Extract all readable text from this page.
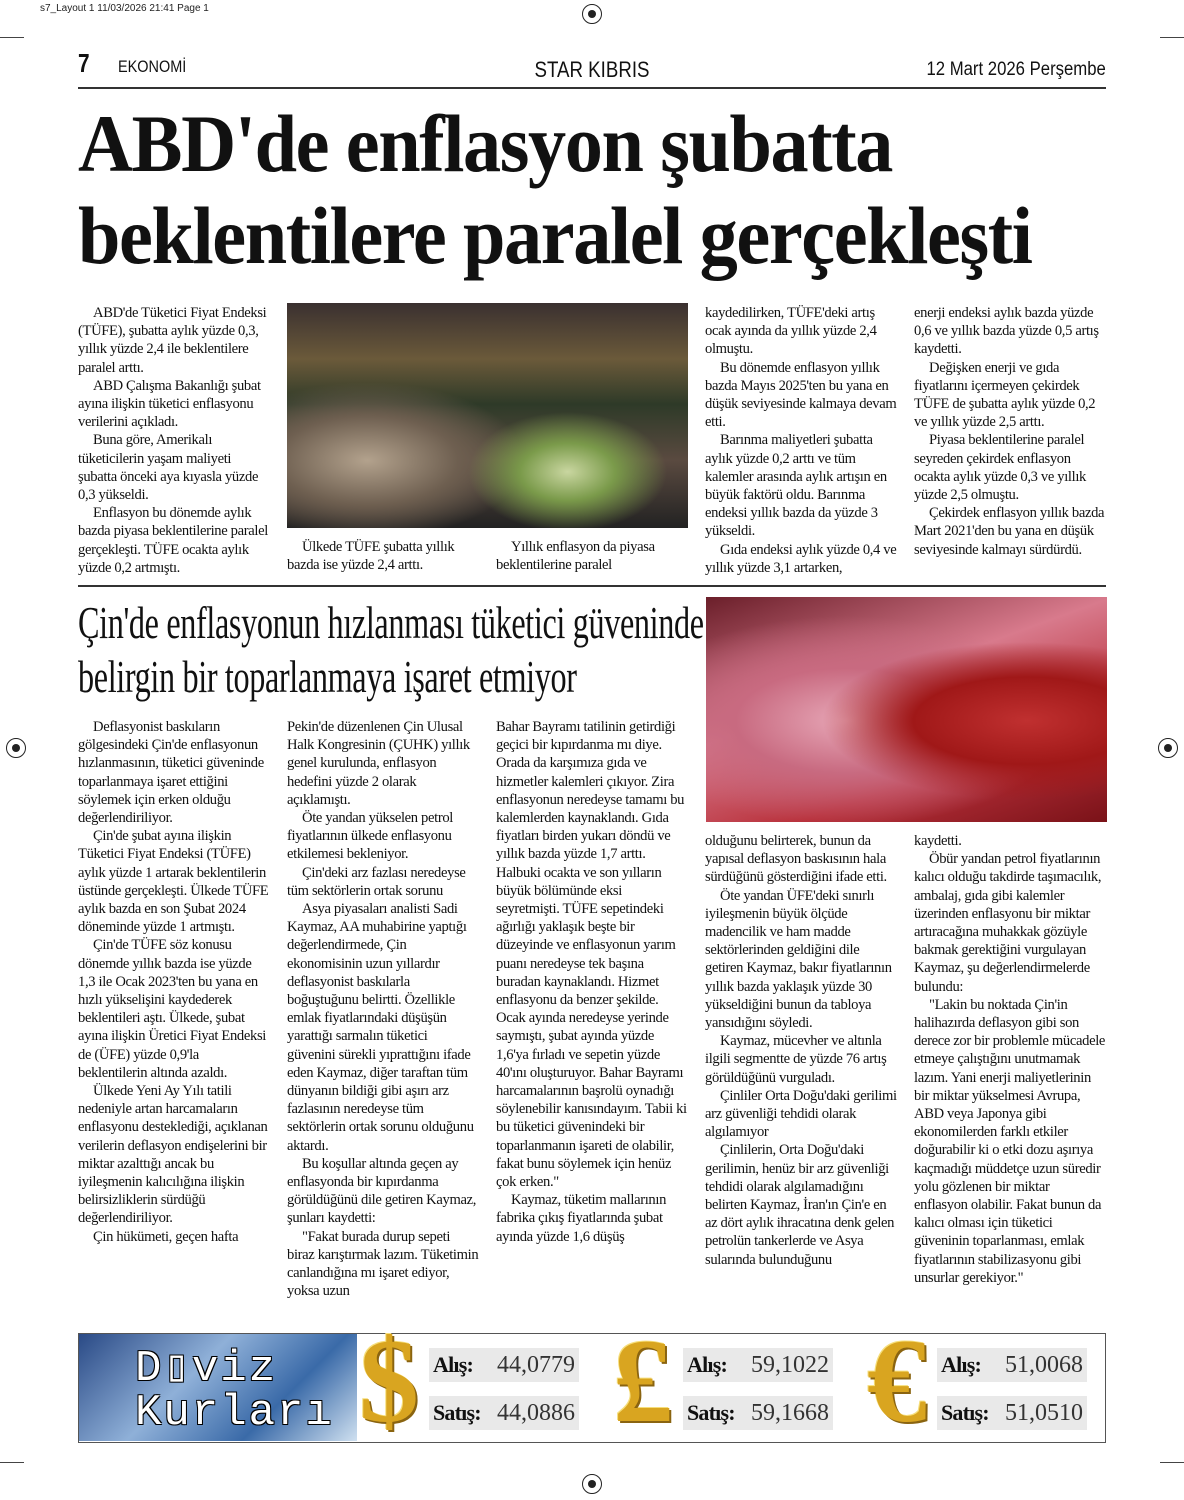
s7_Layout 1 11/03/2026 21:41 Page 1
7 EKONOMİ	STAR KIBRIS	12 Mart 2026 Perşembe
ABD'de enflasyon şubatta
beklentilere paralel gerçekleşti

ABD'de Tüketici Fiyat Endeksi (TÜFE), şubatta aylık yüzde 0,3, yıllık yüzde 2,4 ile beklentilere paralel arttı.

ABD Çalışma Bakanlığı şubat ayına ilişkin tüketici enflasyonu verilerini açıkladı.

Buna göre, Amerikalı tüketicilerin yaşam maliyeti şubatta önceki aya kıyasla yüzde 0,3 yükseldi.

Enflasyon bu dönemde aylık bazda piyasa beklentilerine paralel gerçekleşti. TÜFE ocakta aylık yüzde 0,2 artmıştı.

Ülkede TÜFE şubatta yıllık bazda ise yüzde 2,4 arttı.

Yıllık enflasyon da piyasa beklentilerine paralel

kaydedilirken, TÜFE'deki artış ocak ayında da yıllık yüzde 2,4 olmuştu.

Bu dönemde enflasyon yıllık bazda Mayıs 2025'ten bu yana en düşük seviyesinde kalmaya devam etti.

Barınma maliyetleri şubatta aylık yüzde 0,2 arttı ve tüm kalemler arasında aylık artışın en büyük faktörü oldu. Barınma endeksi yıllık bazda da yüzde 3 yükseldi.

Gıda endeksi aylık yüzde 0,4 ve yıllık yüzde 3,1 artarken,

enerji endeksi aylık bazda yüzde 0,6 ve yıllık bazda yüzde 0,5 artış kaydetti.

Değişken enerji ve gıda fiyatlarını içermeyen çekirdek TÜFE de şubatta aylık yüzde 0,2 ve yıllık yüzde 2,5 arttı.

Piyasa beklentilerine paralel seyreden çekirdek enflasyon ocakta aylık yüzde 0,3 ve yıllık yüzde 2,5 olmuştu.

Çekirdek enflasyon yıllık bazda Mart 2021'den bu yana en düşük seviyesinde kalmayı sürdürdü.

Çin'de enflasyonun hızlanması tüketici güveninde
belirgin bir toparlanmaya işaret etmiyor

Deflasyonist baskıların gölgesindeki Çin'de enflasyonun hızlanmasının, tüketici güveninde toparlanmaya işaret ettiğini söylemek için erken olduğu değerlendiriliyor.

Çin'de şubat ayına ilişkin Tüketici Fiyat Endeksi (TÜFE) aylık yüzde 1 artarak beklentilerin üstünde gerçekleşti. Ülkede TÜFE aylık bazda en son Şubat 2024 döneminde yüzde 1 artmıştı.

Çin'de TÜFE söz konusu dönemde yıllık bazda ise yüzde 1,3 ile Ocak 2023'ten bu yana en hızlı yükselişini kaydederek beklentileri aştı. Ülkede, şubat ayına ilişkin Üretici Fiyat Endeksi de (ÜFE) yüzde 0,9'la beklentilerin altında azaldı.

Ülkede Yeni Ay Yılı tatili nedeniyle artan harcamaların enflasyonu desteklediği, açıklanan verilerin deflasyon endişelerini bir miktar azalttığı ancak bu iyileşmenin kalıcılığına ilişkin belirsizliklerin sürdüğü değerlendiriliyor.

Çin hükümeti, geçen hafta

Pekin'de düzenlenen Çin Ulusal Halk Kongresinin (ÇUHK) yıllık genel kurulunda, enflasyon hedefini yüzde 2 olarak açıklamıştı.

Öte yandan yükselen petrol fiyatlarının ülkede enflasyonu etkilemesi bekleniyor.

Çin'deki arz fazlası neredeyse tüm sektörlerin ortak sorunu

Asya piyasaları analisti Sadi Kaymaz, AA muhabirine yaptığı değerlendirmede, Çin ekonomisinin uzun yıllardır deflasyonist baskılarla boğuştuğunu belirtti. Özellikle emlak fiyatlarındaki düşüşün yarattığı sarmalın tüketici güvenini sürekli yıprattığını ifade eden Kaymaz, diğer taraftan tüm dünyanın bildiği gibi aşırı arz fazlasının neredeyse tüm sektörlerin ortak sorunu olduğunu aktardı.

Bu koşullar altında geçen ay enflasyonda bir kıpırdanma görüldüğünü dile getiren Kaymaz, şunları kaydetti:

"Fakat burada durup sepeti biraz karıştırmak lazım. Tüketimin canlandığına mı işaret ediyor, yoksa uzun

Bahar Bayramı tatilinin getirdiği geçici bir kıpırdanma mı diye. Orada da karşımıza gıda ve hizmetler kalemleri çıkıyor. Zira enflasyonun neredeyse tamamı bu kalemlerden kaynaklandı. Gıda fiyatları birden yukarı döndü ve yıllık bazda yüzde 1,7 arttı. Halbuki ocakta ve son yılların büyük bölümünde eksi seyretmişti. TÜFE sepetindeki ağırlığı yaklaşık beşte bir düzeyinde ve enflasyonun yarım puanı neredeyse tek başına buradan kaynaklandı. Hizmet enflasyonu da benzer şekilde. Ocak ayında neredeyse yerinde saymıştı, şubat ayında yüzde 1,6'ya fırladı ve sepetin yüzde 40'ını oluşturuyor. Bahar Bayramı harcamalarının başrolü oynadığı söylenebilir kanısındayım. Tabii ki bu tüketici güvenindeki bir toparlanmanın işareti de olabilir, fakat bunu söylemek için henüz çok erken."

Kaymaz, tüketim mallarının fabrika çıkış fiyatlarında şubat ayında yüzde 1,6 düşüş

olduğunu belirterek, bunun da yapısal deflasyon baskısının hala sürdüğünü gösterdiğini ifade etti.

Öte yandan ÜFE'deki sınırlı iyileşmenin büyük ölçüde madencilik ve ham madde sektörlerinden geldiğini dile getiren Kaymaz, bakır fiyatlarının yıllık bazda yaklaşık yüzde 30 yükseldiğini bunun da tabloya yansıdığını söyledi.

Kaymaz, mücevher ve altınla ilgili segmentte de yüzde 76 artış görüldüğünü vurguladı.

Çinliler Orta Doğu'daki gerilimi arz güvenliği tehdidi olarak algılamıyor

Çinlilerin, Orta Doğu'daki gerilimin, henüz bir arz güvenliği tehdidi olarak algılamadığını belirten Kaymaz, İran'ın Çin'e en az dört aylık ihracatına denk gelen petrolün tankerlerde ve Asya sularında bulunduğunu

kaydetti.

Öbür yandan petrol fiyatlarının kalıcı olduğu takdirde taşımacılık, ambalaj, gıda gibi kalemler üzerinden enflasyonu bir miktar artıracağına muhakkak gözüyle bakmak gerektiğini vurgulayan Kaymaz, şu değerlendirmelerde bulundu:

"Lakin bu noktada Çin'in halihazırda deflasyon gibi son derece zor bir problemle mücadele etmeye çalıştığını unutmamak lazım. Yani enerji maliyetlerinin bir miktar yükselmesi Avrupa, ABD veya Japonya gibi ekonomilerden farklı etkiler doğurabilir ki o etki dozu aşırıya kaçmadığı müddetçe uzun süredir yolu gözlenen bir miktar enflasyon olabilir. Fakat bunun da kalıcı olması için tüketici güveninin toparlanması, emlak fiyatlarının stabilizasyonu gibi unsurlar gerekiyor."

D▯viz
Kurları $ Alış: 44,0779
Satış: 44,0886 £ Alış: 59,1022
Satış: 59,1668 € Alış: 51,0068
Satış: 51,0510
